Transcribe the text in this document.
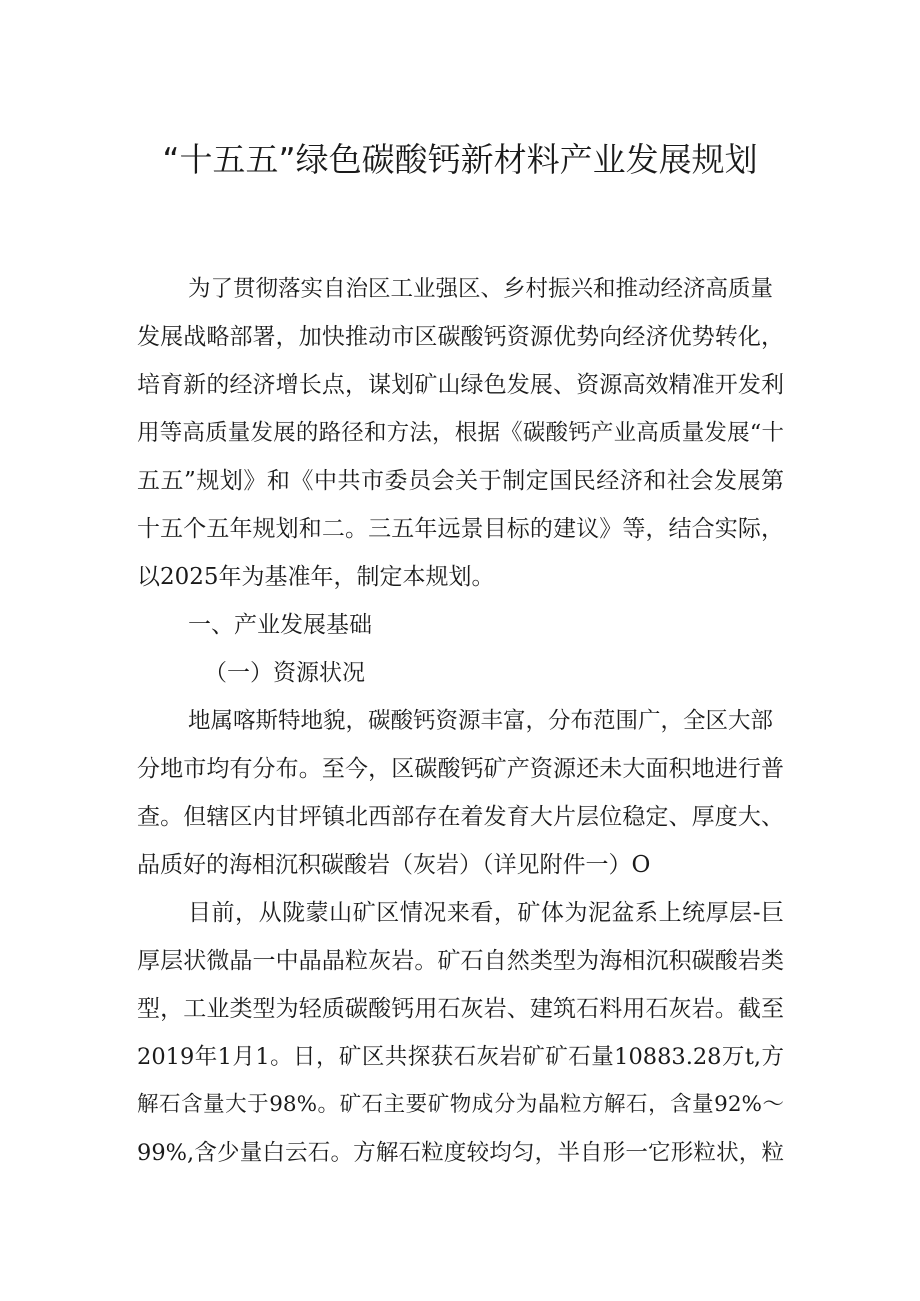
“十五五”绿色碳酸钙新材料产业发展规划
为了贯彻落实自治区工业强区、乡村振兴和推动经济高质量
发展战略部署，加快推动市区碳酸钙资源优势向经济优势转化，
培育新的经济增长点，谋划矿山绿色发展、资源高效精准开发利
用等高质量发展的路径和方法，根据《碳酸钙产业高质量发展“十
五五”规划》和《中共市委员会关于制定国民经济和社会发展第
十五个五年规划和二。三五年远景目标的建议》等，结合实际，
以2025年为基准年，制定本规划。
一、产业发展基础
（一）资源状况
地属喀斯特地貌，碳酸钙资源丰富，分布范围广，全区大部
分地市均有分布。至今，区碳酸钙矿产资源还未大面积地进行普
查。但辖区内甘坪镇北西部存在着发育大片层位稳定、厚度大、
品质好的海相沉积碳酸岩（灰岩）（详见附件一）O
目前，从陇蒙山矿区情况来看，矿体为泥盆系上统厚层-巨
厚层状微晶一中晶晶粒灰岩。矿石自然类型为海相沉积碳酸岩类
型，工业类型为轻质碳酸钙用石灰岩、建筑石料用石灰岩。截至
2019年1月1。日，矿区共探获石灰岩矿矿石量10883.28万t,方
解石含量大于98%。矿石主要矿物成分为晶粒方解石，含量92%～
99%,含少量白云石。方解石粒度较均匀，半自形一它形粒状，粒
